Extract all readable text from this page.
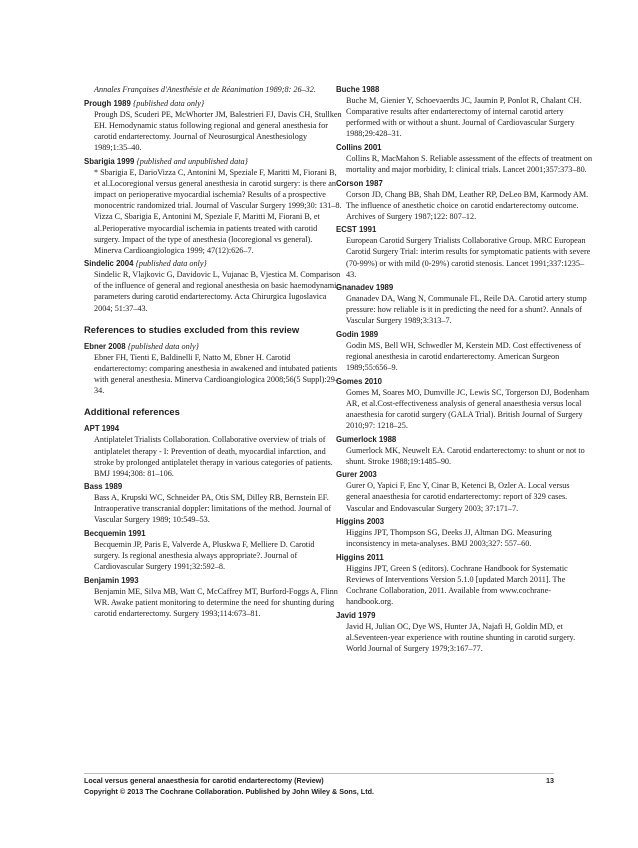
Annales Françaises d'Anesthésie et de Réanimation 1989;8: 26–32.
Prough 1989 {published data only}
Prough DS, Scuderi PE, McWhorter JM, Balestrieri FJ, Davis CH, Stullken EH. Hemodynamic status following regional and general anesthesia for carotid endarterectomy. Journal of Neurosurgical Anesthesiology 1989;1:35–40.
Sbarigia 1999 {published and unpublished data}
* Sbarigia E, DarioVizza C, Antonini M, Speziale F, Maritti M, Fiorani B, et al.Locoregional versus general anesthesia in carotid surgery: is there an impact on perioperative myocardial ischemia? Results of a prospective monocentric randomized trial. Journal of Vascular Surgery 1999;30: 131–8.
Vizza C, Sbarigia E, Antonini M, Speziale F, Maritti M, Fiorani B, et al.Perioperative myocardial ischemia in patients treated with carotid surgery. Impact of the type of anesthesia (locoregional vs general). Minerva Cardioangiologica 1999; 47(12):626–7.
Sindelic 2004 {published data only}
Sindelic R, Vlajkovic G, Davidovic L, Vujanac B, Vjestica M. Comparison of the influence of general and regional anesthesia on basic haemodynamic parameters during carotid endarterectomy. Acta Chirurgica Iugoslavica 2004; 51:37–43.
References to studies excluded from this review
Ebner 2008 {published data only}
Ebner FH, Tienti E, Baldinelli F, Natto M, Ebner H. Carotid endarterectomy: comparing anesthesia in awakened and intubated patients with general anesthesia. Minerva Cardioangiologica 2008;56(5 Suppl):29–34.
Additional references
APT 1994
Antiplatelet Trialists Collaboration. Collaborative overview of trials of antiplatelet therapy - I: Prevention of death, myocardial infarction, and stroke by prolonged antiplatelet therapy in various categories of patients. BMJ 1994;308: 81–106.
Bass 1989
Bass A, Krupski WC, Schneider PA, Otis SM, Dilley RB, Bernstein EF. Intraoperative transcranial doppler: limitations of the method. Journal of Vascular Surgery 1989; 10:549–53.
Becquemin 1991
Becquemin JP, Paris E, Valverde A, Pluskwa F, Melliere D. Carotid surgery. Is regional anesthesia always appropriate?. Journal of Cardiovascular Surgery 1991;32:592–8.
Benjamin 1993
Benjamin ME, Silva MB, Watt C, McCaffrey MT, Burford-Foggs A, Flinn WR. Awake patient monitoring to determine the need for shunting during carotid endarterectomy. Surgery 1993;114:673–81.
Buche 1988
Buche M, Gienier Y, Schoevaerdts JC, Jaumin P, Ponlot R, Chalant CH. Comparative results after endarterectomy of internal carotid artery performed with or without a shunt. Journal of Cardiovascular Surgery 1988;29:428–31.
Collins 2001
Collins R, MacMahon S. Reliable assessment of the effects of treatment on mortality and major morbidity, I: clinical trials. Lancet 2001;357:373–80.
Corson 1987
Corson JD, Chang BB, Shah DM, Leather RP, DeLeo BM, Karmody AM. The influence of anesthetic choice on carotid endarterectomy outcome. Archives of Surgery 1987;122: 807–12.
ECST 1991
European Carotid Surgery Trialists Collaborative Group. MRC European Carotid Surgery Trial: interim results for symptomatic patients with severe (70-99%) or with mild (0-29%) carotid stenosis. Lancet 1991;337:1235–43.
Gnanadev 1989
Gnanadev DA, Wang N, Communale FL, Reile DA. Carotid artery stump pressure: how reliable is it in predicting the need for a shunt?. Annals of Vascular Surgery 1989;3:313–7.
Godin 1989
Godin MS, Bell WH, Schwedler M, Kerstein MD. Cost effectiveness of regional anesthesia in carotid endarterectomy. American Surgeon 1989;55:656–9.
Gomes 2010
Gomes M, Soares MO, Dumville JC, Lewis SC, Torgerson DJ, Bodenham AR, et al.Cost-effectiveness analysis of general anaesthesia versus local anaesthesia for carotid surgery (GALA Trial). British Journal of Surgery 2010;97: 1218–25.
Gumerlock 1988
Gumerlock MK, Neuwelt EA. Carotid endarterectomy: to shunt or not to shunt. Stroke 1988;19:1485–90.
Gurer 2003
Gurer O, Yapici F, Enc Y, Cinar B, Ketenci B, Ozler A. Local versus general anaesthesia for carotid endarterectomy: report of 329 cases. Vascular and Endovascular Surgery 2003; 37:171–7.
Higgins 2003
Higgins JPT, Thompson SG, Deeks JJ, Altman DG. Measuring inconsistency in meta-analyses. BMJ 2003;327: 557–60.
Higgins 2011
Higgins JPT, Green S (editors). Cochrane Handbook for Systematic Reviews of Interventions Version 5.1.0 [updated March 2011]. The Cochrane Collaboration, 2011. Available from www.cochrane-handbook.org.
Javid 1979
Javid H, Julian OC, Dye WS, Hunter JA, Najafi H, Goldin MD, et al.Seventeen-year experience with routine shunting in carotid surgery. World Journal of Surgery 1979;3:167–77.
Local versus general anaesthesia for carotid endarterectomy (Review)
Copyright © 2013 The Cochrane Collaboration. Published by John Wiley & Sons, Ltd.
13
